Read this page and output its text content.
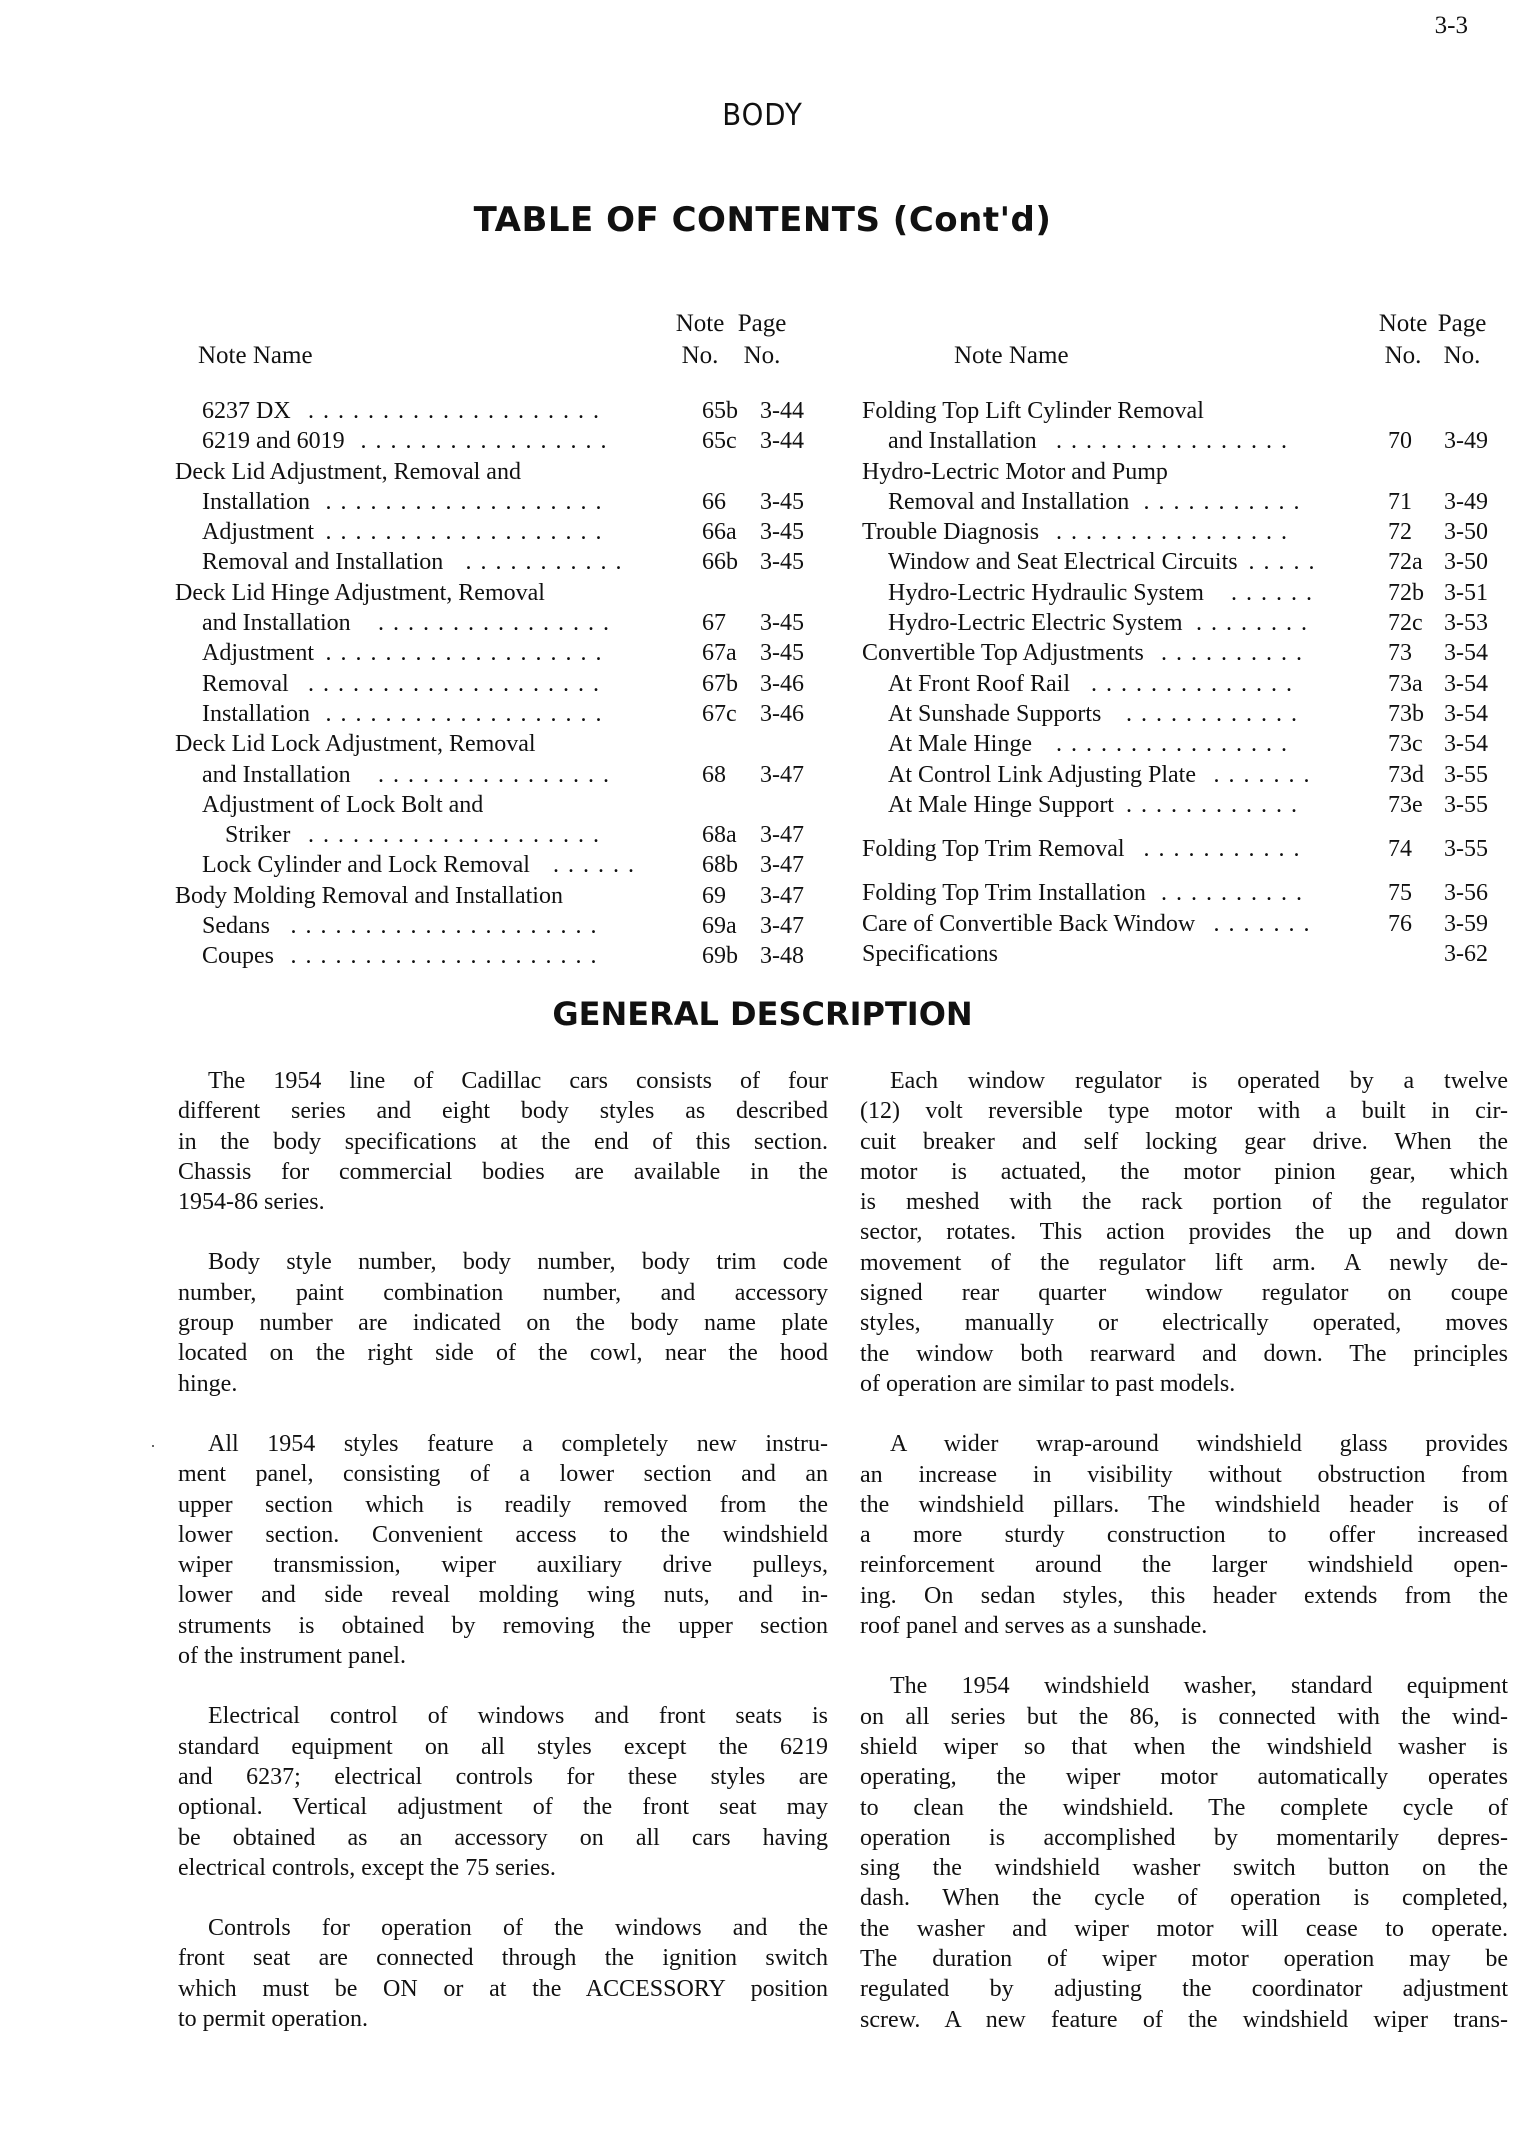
3-3
BODY
TABLE OF CONTENTS (Cont'd)
Note Name
Note
No.
Page
No.
6237 DX ....................	65b 3-44
6219 and 6019 .................	65c 3-44
Deck Lid Adjustment, Removal and
Installation ...................	66 3-45
Adjustment ...................	66a 3-45
Removal and Installation ...........	66b 3-45
Deck Lid Hinge Adjustment, Removal
and Installation ................	67 3-45
Adjustment ...................	67a 3-45
Removal ....................	67b 3-46
Installation ...................	67c 3-46
Deck Lid Lock Adjustment, Removal
and Installation ................	68 3-47
Adjustment of Lock Bolt and
Striker ....................	68a 3-47
Lock Cylinder and Lock Removal ...... 68b 3-47
Body Molding Removal and Installation	69 3-47
Sedans .....................	69a 3-47
Coupes .....................	69b 3-48
Note Name
Note
No.
Page
No.
Folding Top Lift Cylinder Removal
and Installation ................	70 3-49
Hydro-Lectric Motor and Pump
Removal and Installation ...........	71 3-49
Trouble Diagnosis ................	72 3-50
Window and Seat Electrical Circuits .....	72a 3-50
Hydro-Lectric Hydraulic System ......	72b 3-51
Hydro-Lectric Electric System ........	72c 3-53
Convertible Top Adjustments ..........	73 3-54
At Front Roof Rail ..............	73a 3-54
At Sunshade Supports ............	73b 3-54
At Male Hinge ................	73c 3-54
At Control Link Adjusting Plate .......	73d 3-55
At Male Hinge Support ............	73e 3-55
Folding Top Trim Removal ...........	74 3-55
Folding Top Trim Installation ..........	75 3-56
Care of Convertible Back Window .......	76 3-59
Specifications	3-62
GENERAL DESCRIPTION
The 1954 line of Cadillac cars consists of four
different series and eight body styles as described
in the body specifications at the end of this section.
Chassis for commercial bodies are available in the
1954-86 series.
Body style number, body number, body trim code
number, paint combination number, and accessory
group number are indicated on the body name plate
located on the right side of the cowl, near the hood
hinge.
All 1954 styles feature a completely new instru-
ment panel, consisting of a lower section and an
upper section which is readily removed from the
lower section. Convenient access to the windshield
wiper transmission, wiper auxiliary drive pulleys,
lower and side reveal molding wing nuts, and in-
struments is obtained by removing the upper section
of the instrument panel.
Electrical control of windows and front seats is
standard equipment on all styles except the 6219
and 6237; electrical controls for these styles are
optional. Vertical adjustment of the front seat may
be obtained as an accessory on all cars having
electrical controls, except the 75 series.
Controls for operation of the windows and the
front seat are connected through the ignition switch
which must be ON or at the ACCESSORY position
to permit operation.
Each window regulator is operated by a twelve
(12) volt reversible type motor with a built in cir-
cuit breaker and self locking gear drive. When the
motor is actuated, the motor pinion gear, which
is meshed with the rack portion of the regulator
sector, rotates. This action provides the up and down
movement of the regulator lift arm. A newly de-
signed rear quarter window regulator on coupe
styles, manually or electrically operated, moves
the window both rearward and down. The principles
of operation are similar to past models.
A wider wrap-around windshield glass provides
an increase in visibility without obstruction from
the windshield pillars. The windshield header is of
a more sturdy construction to offer increased
reinforcement around the larger windshield open-
ing. On sedan styles, this header extends from the
roof panel and serves as a sunshade.
The 1954 windshield washer, standard equipment
on all series but the 86, is connected with the wind-
shield wiper so that when the windshield washer is
operating, the wiper motor automatically operates
to clean the windshield. The complete cycle of
operation is accomplished by momentarily depres-
sing the windshield washer switch button on the
dash. When the cycle of operation is completed,
the washer and wiper motor will cease to operate.
The duration of wiper motor operation may be
regulated by adjusting the coordinator adjustment
screw. A new feature of the windshield wiper trans-
